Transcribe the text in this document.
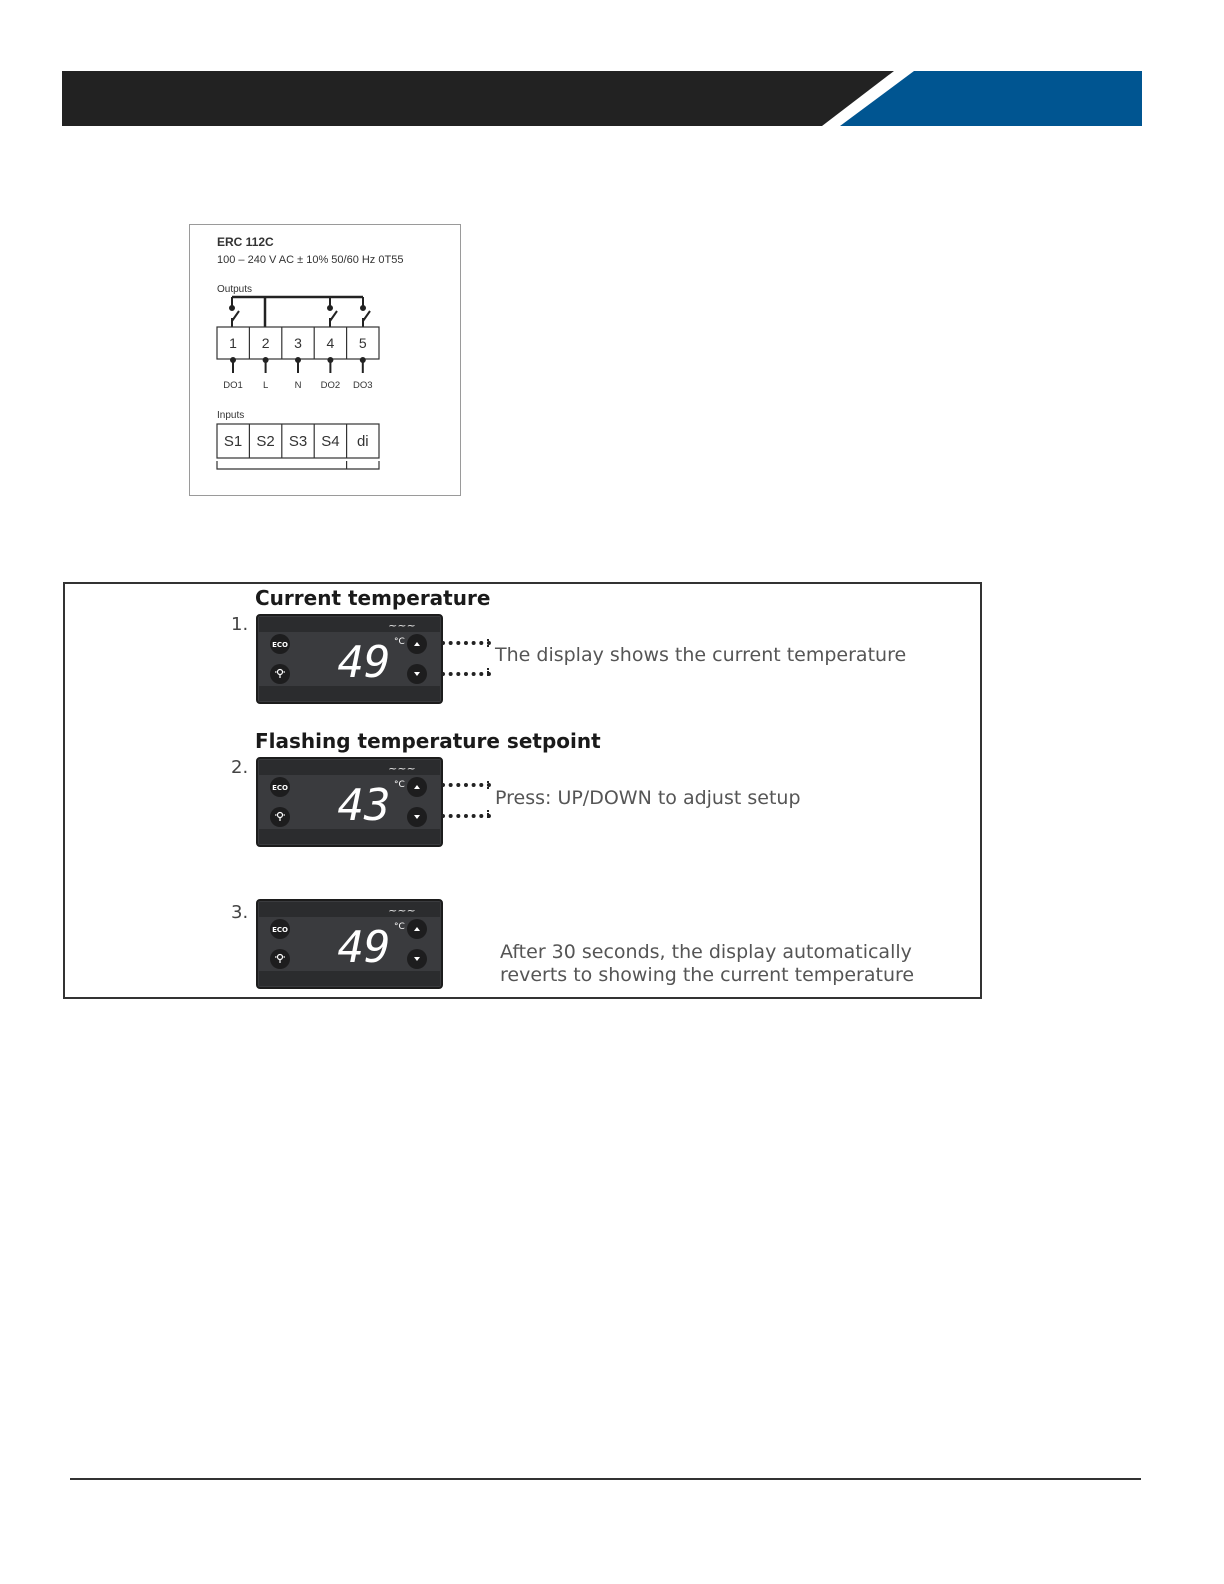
ERC 112C
100 – 240 V AC ± 10% 50/60 Hz 0T55
Outputs
1 2 3 4 5
DO1 L	N DO2 DO3
Inputs
S1 S2 S3 S4 di
Current temperature
1.	~~~
ECO 49 °C
The display shows the current temperature
Flashing temperature setpoint
2.	~~~
ECO 43 °C
Press: UP/DOWN to adjust setup
3.	~~~
ECO 49 °C
After 30 seconds, the display automatically
reverts to showing the current temperature
